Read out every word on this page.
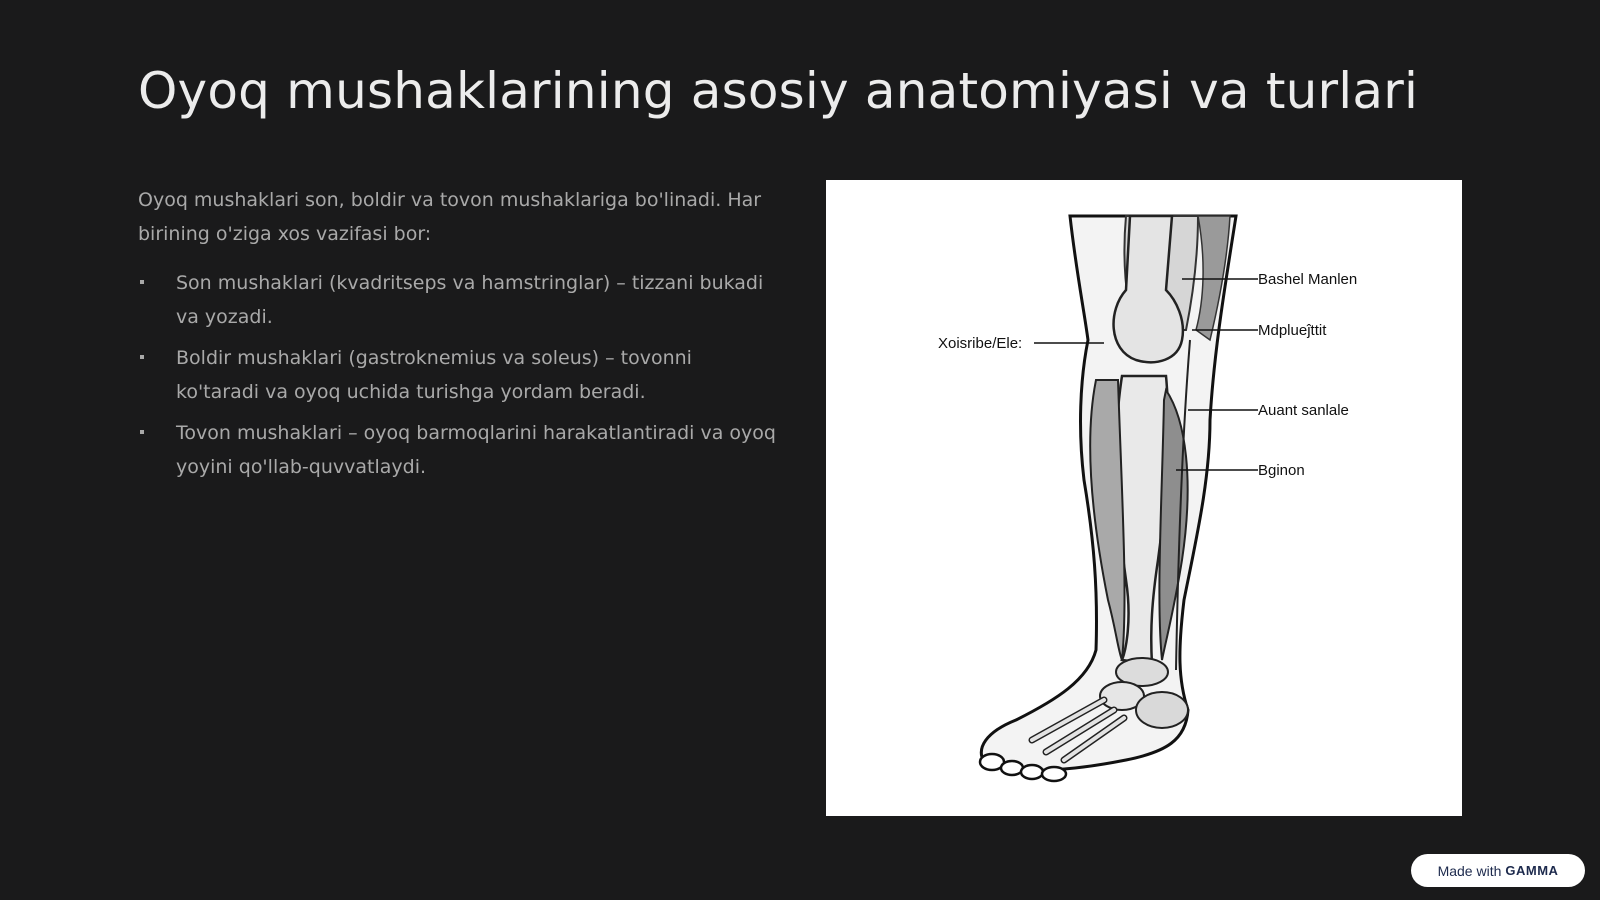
Oyoq mushaklarining asosiy anatomiyasi va turlari

Oyoq mushaklari son, boldir va tovon mushaklariga bo'linadi. Har birining o'ziga xos vazifasi bor:

Son mushaklari (kvadritseps va hamstringlar) – tizzani bukadi va yozadi.
Boldir mushaklari (gastroknemius va soleus) – tovonni ko'taradi va oyoq uchida turishga yordam beradi.
Tovon mushaklari – oyoq barmoqlarini harakatlantiradi va oyoq yoyini qo'llab-quvvatlaydi.
Xoisribe/Ele:
Bashel Manlen
Mdplueĵttit
Auant sanlale
Bginon
Made with GAMMA
